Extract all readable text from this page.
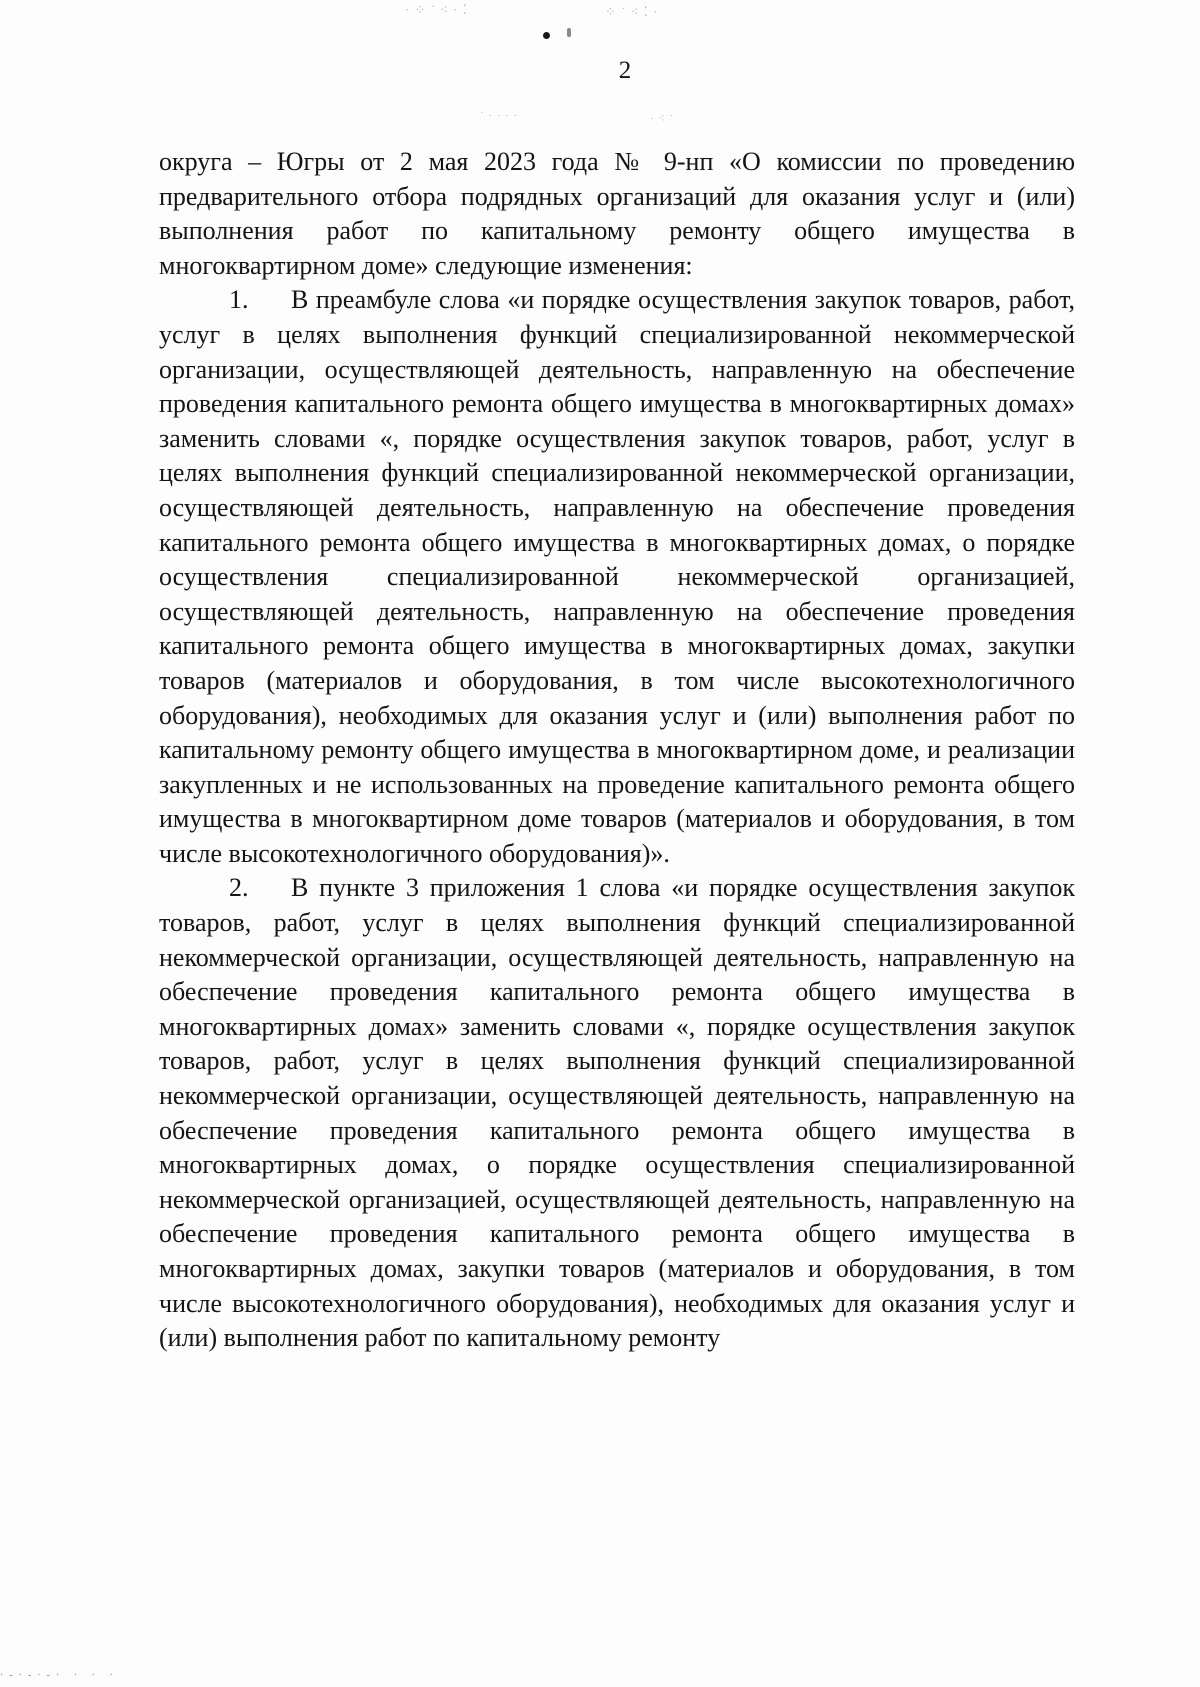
· ⁘ ˙ ⁖ · ⁚	⁘ ˙ ⁖ ⁚ ·
˙ · · · ·	· ⁖ ˙
2

округа – Югры от 2 мая 2023 года № 9-нп «О комиссии по проведению предварительного отбора подрядных организаций для оказания услуг и (или) выполнения работ по капитальному ремонту общего имущества в многоквартирном доме» следующие изменения:

1. В преамбуле слова «и порядке осуществления закупок товаров, работ, услуг в целях выполнения функций специализированной некоммерческой организации, осуществляющей деятельность, направленную на обеспечение проведения капитального ремонта общего имущества в многоквартирных домах» заменить словами «, порядке осуществления закупок товаров, работ, услуг в целях выполнения функций специализированной некоммерческой организации, осуществляющей деятельность, направленную на обеспечение проведения капитального ремонта общего имущества в многоквартирных домах, о порядке осуществления специализированной некоммерческой организацией, осуществляющей деятельность, направленную на обеспечение проведения капитального ремонта общего имущества в многоквартирных домах, закупки товаров (материалов и оборудования, в том числе высокотехнологичного оборудования), необходимых для оказания услуг и (или) выполнения работ по капитальному ремонту общего имущества в многоквартирном доме, и реализации закупленных и не использованных на проведение капитального ремонта общего имущества в многоквартирном доме товаров (материалов и оборудования, в том числе высокотехнологичного оборудования)».

2. В пункте 3 приложения 1 слова «и порядке осуществления закупок товаров, работ, услуг в целях выполнения функций специализированной некоммерческой организации, осуществляющей деятельность, направленную на обеспечение проведения капитального ремонта общего имущества в многоквартирных домах» заменить словами «, порядке осуществления закупок товаров, работ, услуг в целях выполнения функций специализированной некоммерческой организации, осуществляющей деятельность, направленную на обеспечение проведения капитального ремонта общего имущества в многоквартирных домах, о порядке осуществления специализированной некоммерческой организацией, осуществляющей деятельность, направленную на обеспечение проведения капитального ремонта общего имущества в многоквартирных домах, закупки товаров (материалов и оборудования, в том числе высокотехнологичного оборудования), необходимых для оказания услуг и (или) выполнения работ по капитальному ремонту

·-·-·-· · · ·
